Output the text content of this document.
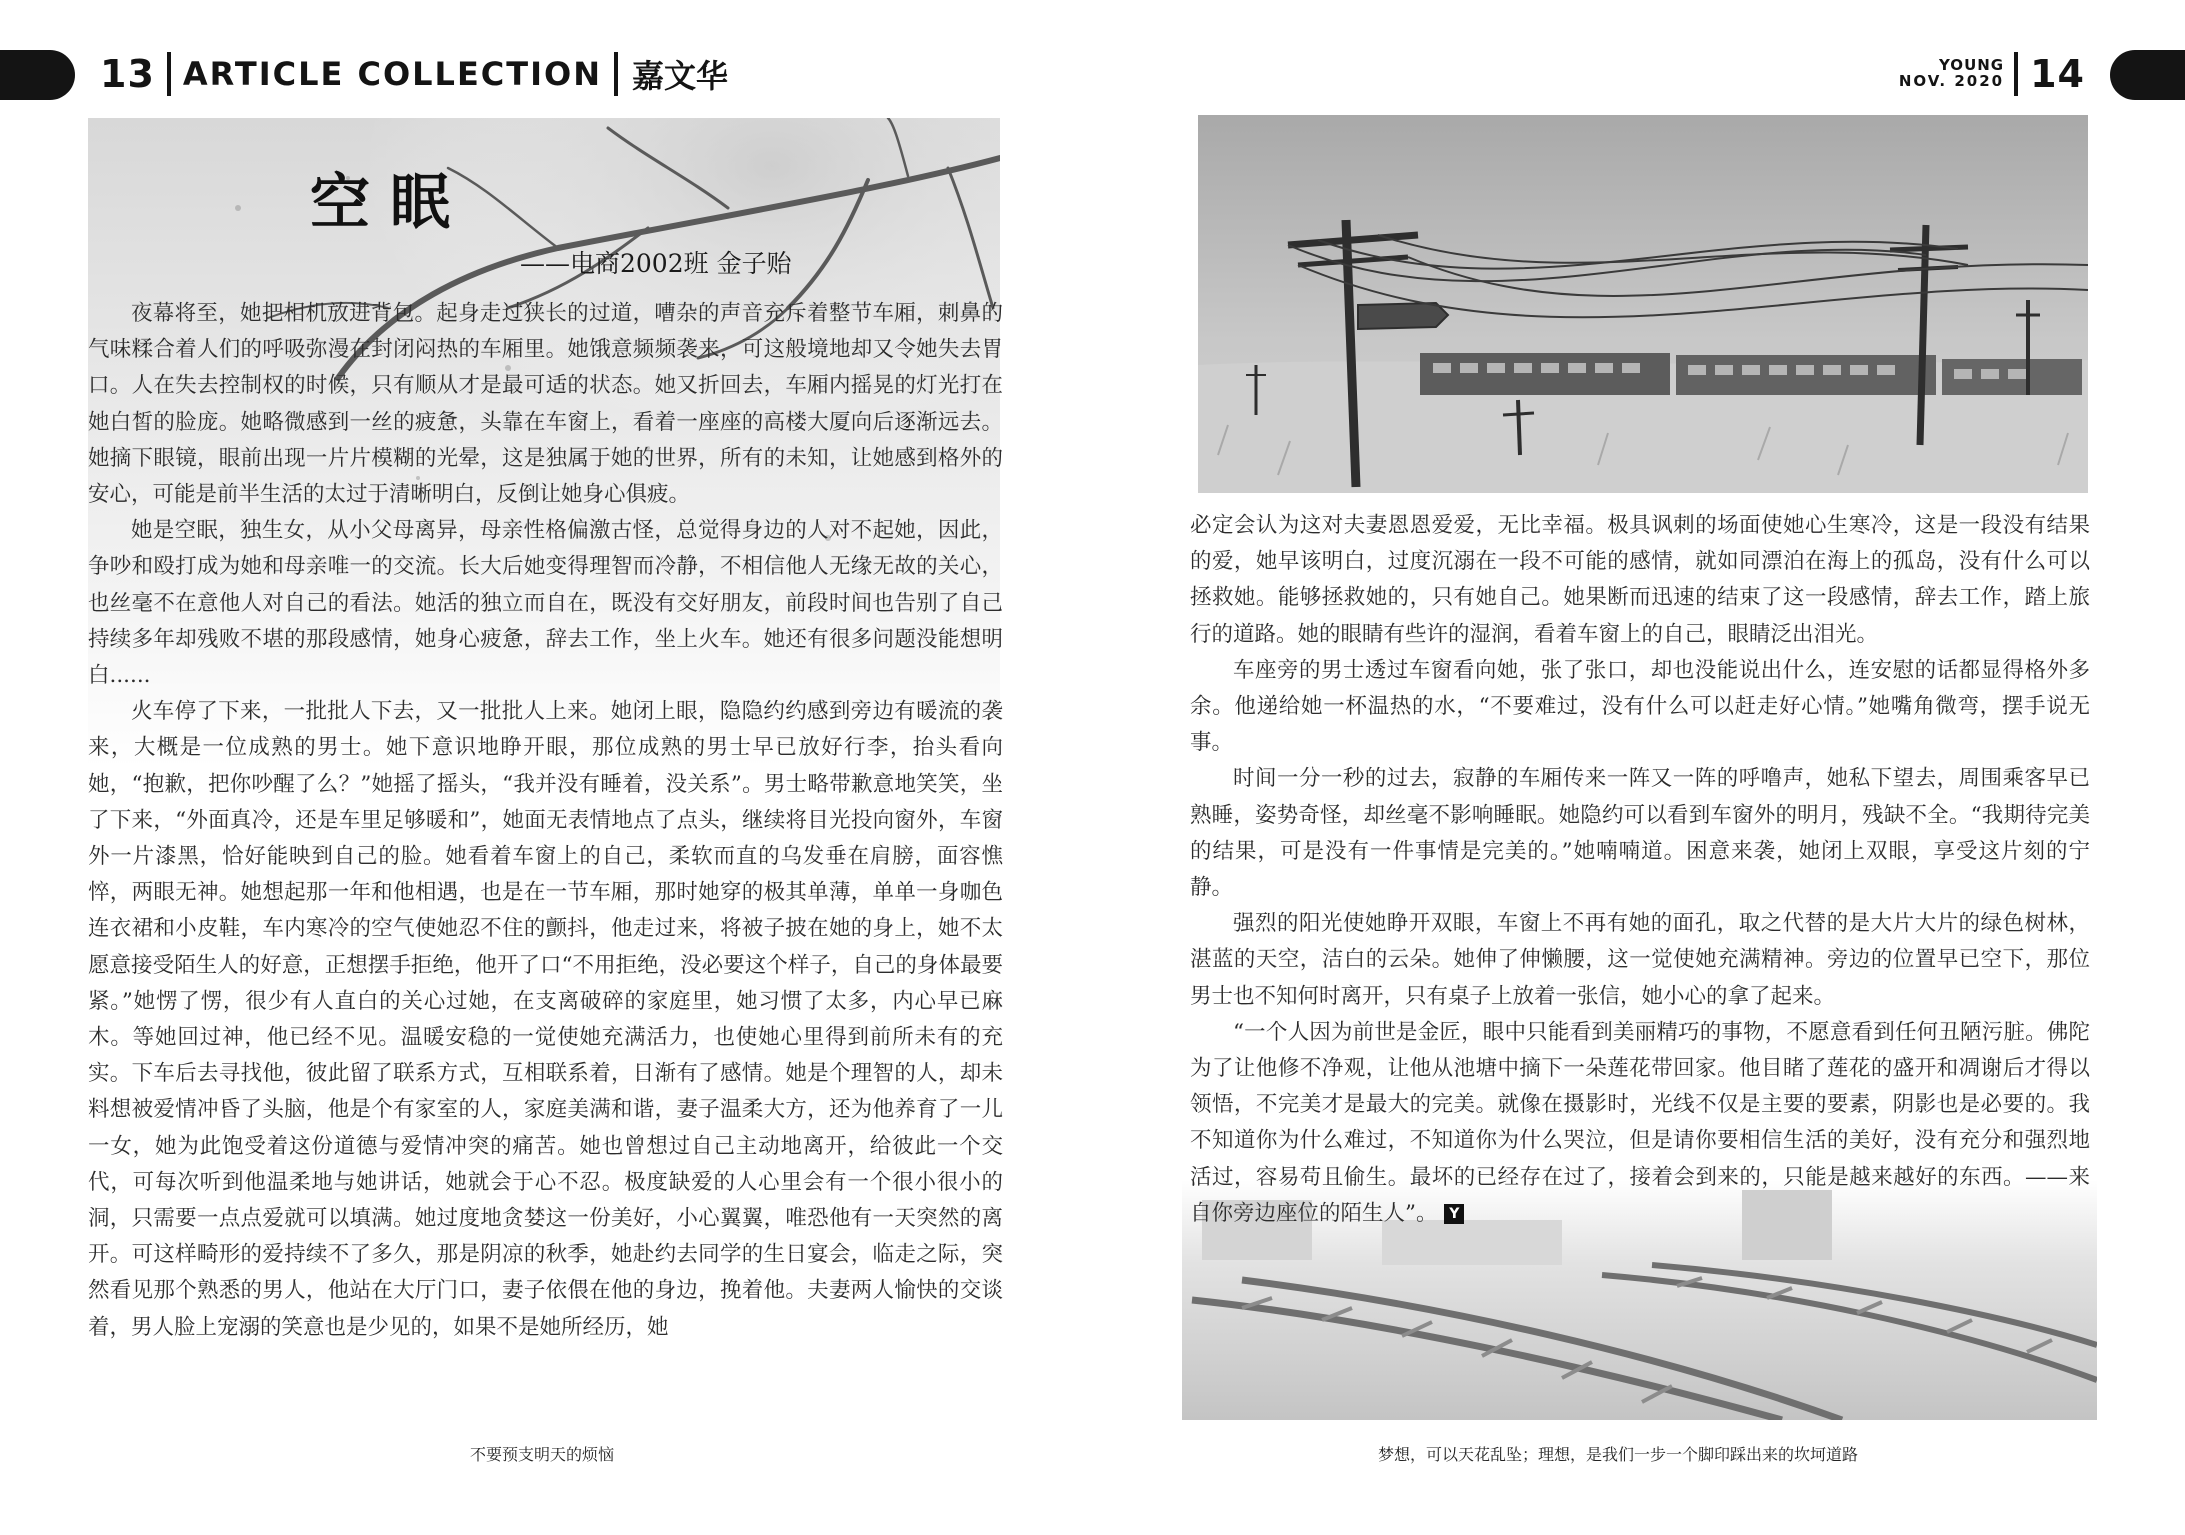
13 ARTICLE COLLECTION 嘉文华	YOUNG
NOV. 2020 14
空眠
——电商2002班 金子贻

夜幕将至，她把相机放进背包。起身走过狭长的过道，嘈杂的声音充斥着整节车厢，刺鼻的气味糅合着人们的呼吸弥漫在封闭闷热的车厢里。她饿意频频袭来，可这般境地却又令她失去胃口。人在失去控制权的时候，只有顺从才是最可适的状态。她又折回去，车厢内摇晃的灯光打在她白皙的脸庞。她略微感到一丝的疲惫，头靠在车窗上，看着一座座的高楼大厦向后逐渐远去。她摘下眼镜，眼前出现一片片模糊的光晕，这是独属于她的世界，所有的未知，让她感到格外的安心，可能是前半生活的太过于清晰明白，反倒让她身心俱疲。

她是空眠，独生女，从小父母离异，母亲性格偏激古怪，总觉得身边的人对不起她，因此，争吵和殴打成为她和母亲唯一的交流。长大后她变得理智而冷静，不相信他人无缘无故的关心，也丝毫不在意他人对自己的看法。她活的独立而自在，既没有交好朋友，前段时间也告别了自己持续多年却残败不堪的那段感情，她身心疲惫，辞去工作，坐上火车。她还有很多问题没能想明白......

火车停了下来，一批批人下去，又一批批人上来。她闭上眼，隐隐约约感到旁边有暖流的袭来，大概是一位成熟的男士。她下意识地睁开眼，那位成熟的男士早已放好行李，抬头看向她，“抱歉，把你吵醒了么？”她摇了摇头，“我并没有睡着，没关系”。男士略带歉意地笑笑，坐了下来，“外面真冷，还是车里足够暖和”，她面无表情地点了点头，继续将目光投向窗外，车窗外一片漆黑，恰好能映到自己的脸。她看着车窗上的自己，柔软而直的乌发垂在肩膀，面容憔悴，两眼无神。她想起那一年和他相遇，也是在一节车厢，那时她穿的极其单薄，单单一身咖色连衣裙和小皮鞋，车内寒冷的空气使她忍不住的颤抖，他走过来，将被子披在她的身上，她不太愿意接受陌生人的好意，正想摆手拒绝，他开了口“不用拒绝，没必要这个样子，自己的身体最要紧。”她愣了愣，很少有人直白的关心过她，在支离破碎的家庭里，她习惯了太多，内心早已麻木。等她回过神，他已经不见。温暖安稳的一觉使她充满活力，也使她心里得到前所未有的充实。下车后去寻找他，彼此留了联系方式，互相联系着，日渐有了感情。她是个理智的人，却未料想被爱情冲昏了头脑，他是个有家室的人，家庭美满和谐，妻子温柔大方，还为他养育了一儿一女，她为此饱受着这份道德与爱情冲突的痛苦。她也曾想过自己主动地离开，给彼此一个交代，可每次听到他温柔地与她讲话，她就会于心不忍。极度缺爱的人心里会有一个很小很小的洞，只需要一点点爱就可以填满。她过度地贪婪这一份美好，小心翼翼，唯恐他有一天突然的离开。可这样畸形的爱持续不了多久，那是阴凉的秋季，她赴约去同学的生日宴会，临走之际，突然看见那个熟悉的男人，他站在大厅门口，妻子依偎在他的身边，挽着他。夫妻两人愉快的交谈着，男人脸上宠溺的笑意也是少见的，如果不是她所经历，她

必定会认为这对夫妻恩恩爱爱，无比幸福。极具讽刺的场面使她心生寒冷，这是一段没有结果的爱，她早该明白，过度沉溺在一段不可能的感情，就如同漂泊在海上的孤岛，没有什么可以拯救她。能够拯救她的，只有她自己。她果断而迅速的结束了这一段感情，辞去工作，踏上旅行的道路。她的眼睛有些许的湿润，看着车窗上的自己，眼睛泛出泪光。

车座旁的男士透过车窗看向她，张了张口，却也没能说出什么，连安慰的话都显得格外多余。他递给她一杯温热的水，“不要难过，没有什么可以赶走好心情。”她嘴角微弯，摆手说无事。

时间一分一秒的过去，寂静的车厢传来一阵又一阵的呼噜声，她私下望去，周围乘客早已熟睡，姿势奇怪，却丝毫不影响睡眠。她隐约可以看到车窗外的明月，残缺不全。“我期待完美的结果，可是没有一件事情是完美的。”她喃喃道。困意来袭，她闭上双眼，享受这片刻的宁静。

强烈的阳光使她睁开双眼，车窗上不再有她的面孔，取之代替的是大片大片的绿色树林，湛蓝的天空，洁白的云朵。她伸了伸懒腰，这一觉使她充满精神。旁边的位置早已空下，那位男士也不知何时离开，只有桌子上放着一张信，她小心的拿了起来。

“一个人因为前世是金匠，眼中只能看到美丽精巧的事物，不愿意看到任何丑陋污脏。佛陀为了让他修不净观，让他从池塘中摘下一朵莲花带回家。他目睹了莲花的盛开和凋谢后才得以领悟，不完美才是最大的完美。就像在摄影时，光线不仅是主要的要素，阴影也是必要的。我不知道你为什么难过，不知道你为什么哭泣，但是请你要相信生活的美好，没有充分和强烈地活过，容易苟且偷生。最坏的已经存在过了，接着会到来的，只能是越来越好的东西。——来自你旁边座位的陌生人”。 Y

不要预支明天的烦恼	梦想，可以天花乱坠；理想，是我们一步一个脚印踩出来的坎坷道路
